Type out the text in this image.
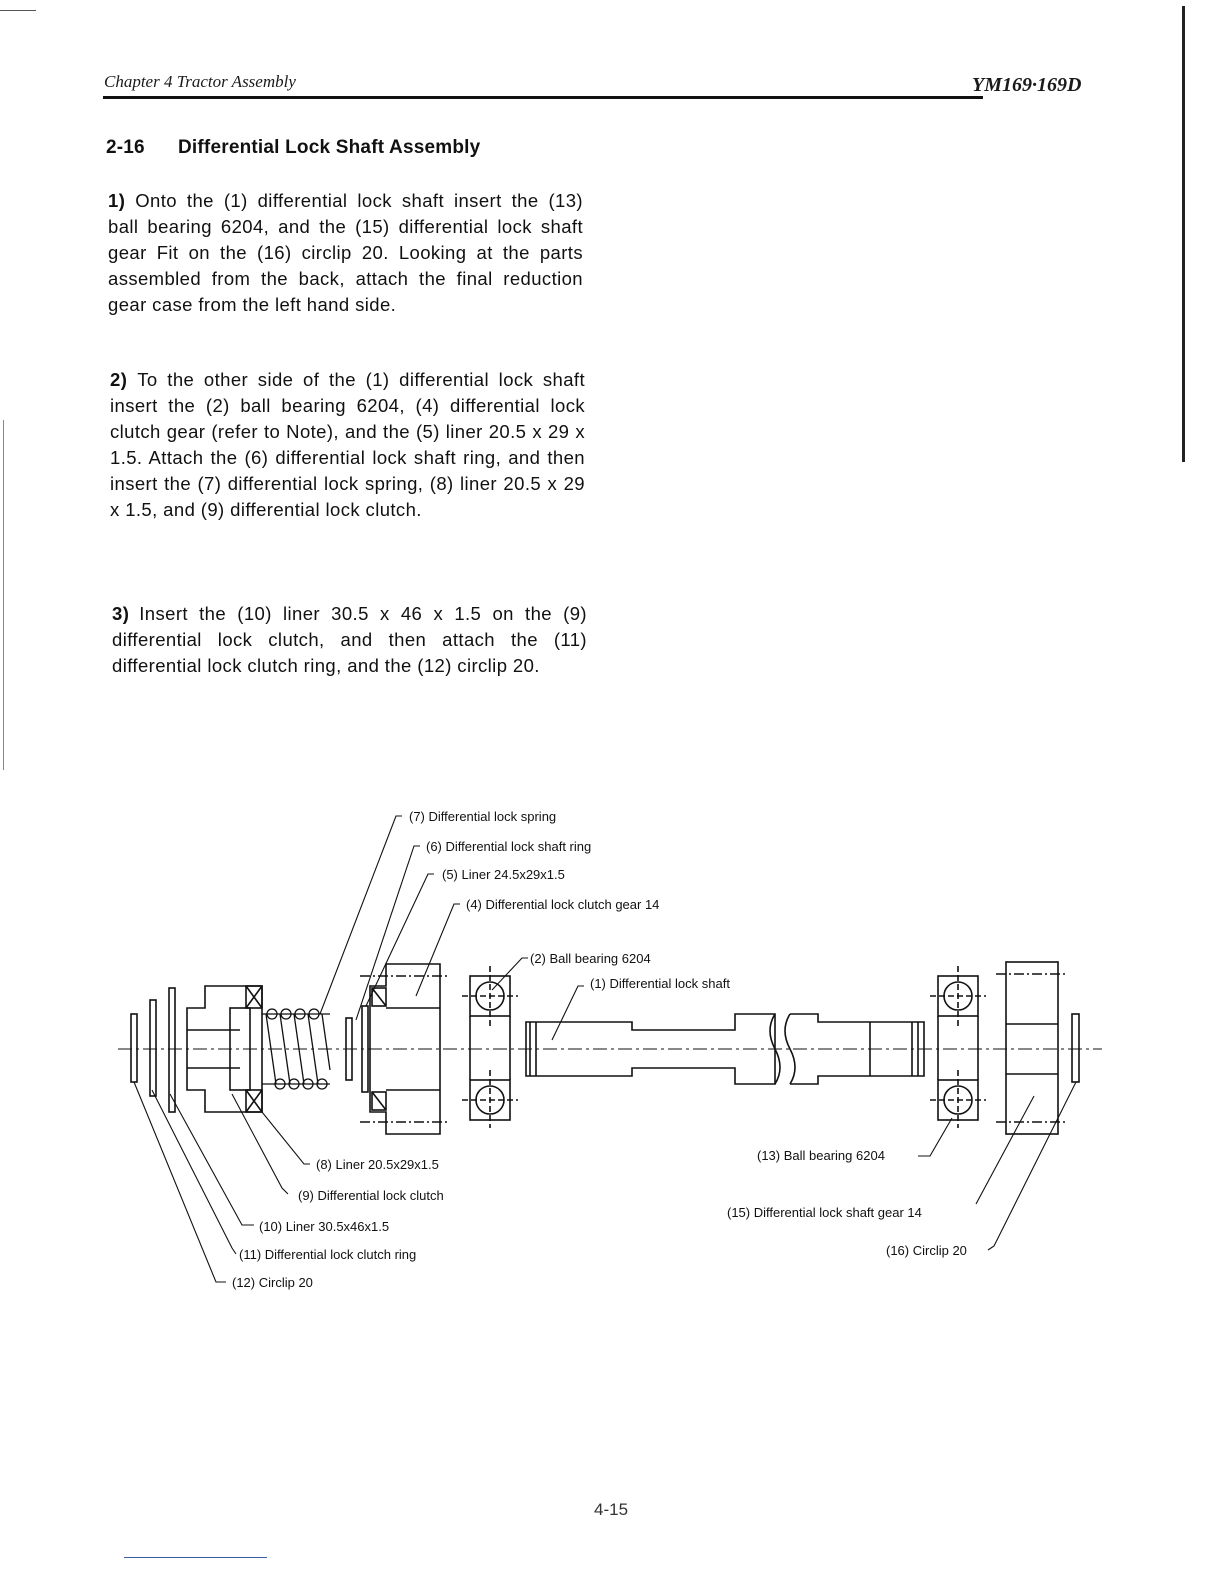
Chapter 4 Tractor Assembly	YM169·169D
2-16 Differential Lock Shaft Assembly
1) Onto the (1) differential lock shaft insert the (13) ball bearing 6204, and the (15) differential lock shaft gear Fit on the (16) circlip 20. Looking at the parts assembled from the back, attach the final reduction gear case from the left hand side.
2) To the other side of the (1) differential lock shaft insert the (2) ball bearing 6204, (4) differential lock clutch gear (refer to Note), and the (5) liner 20.5 x 29 x 1.5. Attach the (6) differential lock shaft ring, and then insert the (7) differential lock spring, (8) liner 20.5 x 29 x 1.5, and (9) differential lock clutch.
3) Insert the (10) liner 30.5 x 46 x 1.5 on the (9) differential lock clutch, and then attach the (11) differential lock clutch ring, and the (12) circlip 20.
(7) Differential lock spring
(6) Differential lock shaft ring
(5) Liner 24.5x29x1.5
(4) Differential lock clutch gear 14
(2) Ball bearing 6204
(1) Differential lock shaft
(8) Liner 20.5x29x1.5
(9) Differential lock clutch
(10) Liner 30.5x46x1.5
(11) Differential lock clutch ring
(12) Circlip 20
(13) Ball bearing 6204
(15) Differential lock shaft gear 14
(16) Circlip 20
4-15
